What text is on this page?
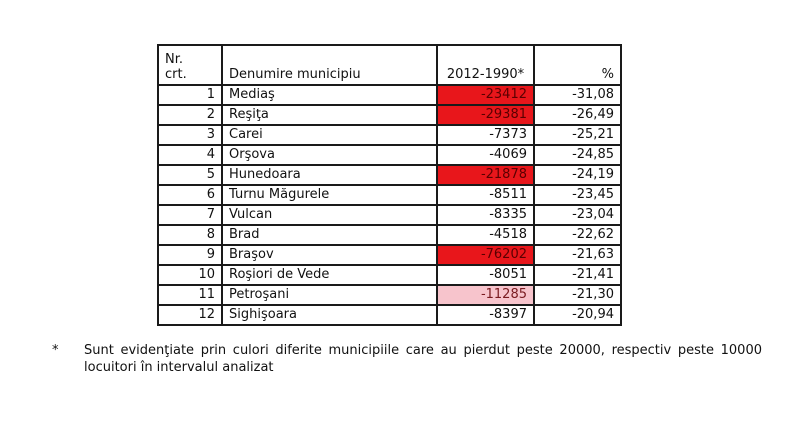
Nr.
crt.	Denumire municipiu	2012-1990*	%
1	Mediaş	-23412	-31,08
2	Reşiţa	-29381	-26,49
3	Carei	-7373	-25,21
4	Orşova	-4069	-24,85
5	Hunedoara	-21878	-24,19
6	Turnu Măgurele	-8511	-23,45
7	Vulcan	-8335	-23,04
8	Brad	-4518	-22,62
9	Braşov	-76202	-21,63
10	Roşiori de Vede	-8051	-21,41
11	Petroşani	-11285	-21,30
12	Sighişoara	-8397	-20,94
*	Sunt evidenţiate prin culori diferite municipiile care au pierdut peste 20000, respectiv peste 10000 locuitori în intervalul analizat
